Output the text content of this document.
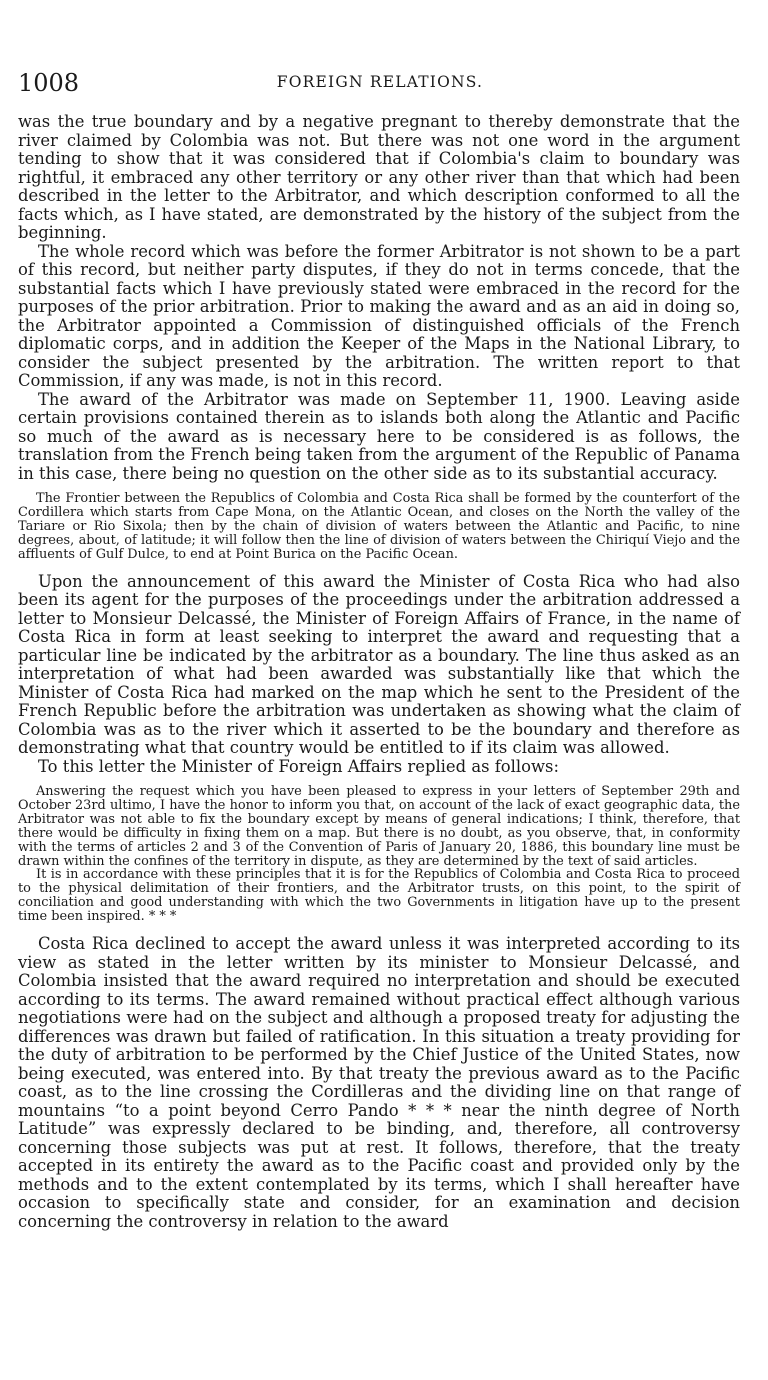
1008	FOREIGN RELATIONS.

was the true boundary and by a negative pregnant to thereby demonstrate that the river claimed by Colombia was not. But there was not one word in the argument tending to show that it was considered that if Colombia's claim to boundary was rightful, it embraced any other territory or any other river than that which had been described in the letter to the Arbitrator, and which description conformed to all the facts which, as I have stated, are demonstrated by the history of the subject from the beginning.

The whole record which was before the former Arbitrator is not shown to be a part of this record, but neither party disputes, if they do not in terms concede, that the substantial facts which I have previously stated were embraced in the record for the purposes of the prior arbitration. Prior to making the award and as an aid in doing so, the Arbitrator appointed a Commission of distinguished officials of the French diplomatic corps, and in addition the Keeper of the Maps in the National Library, to consider the subject presented by the arbitration. The written report to that Commission, if any was made, is not in this record.

The award of the Arbitrator was made on September 11, 1900. Leaving aside certain provisions contained therein as to islands both along the Atlantic and Pacific so much of the award as is necessary here to be considered is as follows, the translation from the French being taken from the argument of the Republic of Panama in this case, there being no question on the other side as to its substantial accuracy.

The Frontier between the Republics of Colombia and Costa Rica shall be formed by the counterfort of the Cordillera which starts from Cape Mona, on the Atlantic Ocean, and closes on the North the valley of the Tariare or Rio Sixola; then by the chain of division of waters between the Atlantic and Pacific, to nine degrees, about, of latitude; it will follow then the line of division of waters between the Chiriquí Viejo and the affluents of Gulf Dulce, to end at Point Burica on the Pacific Ocean.

Upon the announcement of this award the Minister of Costa Rica who had also been its agent for the purposes of the proceedings under the arbitration addressed a letter to Monsieur Delcassé, the Minister of Foreign Affairs of France, in the name of Costa Rica in form at least seeking to interpret the award and requesting that a particular line be indicated by the arbitrator as a boundary. The line thus asked as an interpretation of what had been awarded was substantially like that which the Minister of Costa Rica had marked on the map which he sent to the President of the French Republic before the arbitration was undertaken as showing what the claim of Colombia was as to the river which it asserted to be the boundary and therefore as demonstrating what that country would be entitled to if its claim was allowed.

To this letter the Minister of Foreign Affairs replied as follows:

Answering the request which you have been pleased to express in your letters of September 29th and October 23rd ultimo, I have the honor to inform you that, on account of the lack of exact geographic data, the Arbitrator was not able to fix the boundary except by means of general indications; I think, therefore, that there would be difficulty in fixing them on a map. But there is no doubt, as you observe, that, in conformity with the terms of articles 2 and 3 of the Convention of Paris of January 20, 1886, this boundary line must be drawn within the confines of the territory in dispute, as they are determined by the text of said articles.

It is in accordance with these principles that it is for the Republics of Colombia and Costa Rica to proceed to the physical delimitation of their frontiers, and the Arbitrator trusts, on this point, to the spirit of conciliation and good understanding with which the two Governments in litigation have up to the present time been inspired. * * *

Costa Rica declined to accept the award unless it was interpreted according to its view as stated in the letter written by its minister to Monsieur Delcassé, and Colombia insisted that the award required no interpretation and should be executed according to its terms. The award remained without practical effect although various negotiations were had on the subject and although a proposed treaty for adjusting the differences was drawn but failed of ratification. In this situation a treaty providing for the duty of arbitration to be performed by the Chief Justice of the United States, now being executed, was entered into. By that treaty the previous award as to the Pacific coast, as to the line crossing the Cordilleras and the dividing line on that range of mountains “to a point beyond Cerro Pando * * * near the ninth degree of North Latitude” was expressly declared to be binding, and, therefore, all controversy concerning those subjects was put at rest. It follows, therefore, that the treaty accepted in its entirety the award as to the Pacific coast and provided only by the methods and to the extent contemplated by its terms, which I shall hereafter have occasion to specifically state and consider, for an examination and decision concerning the controversy in relation to the award
